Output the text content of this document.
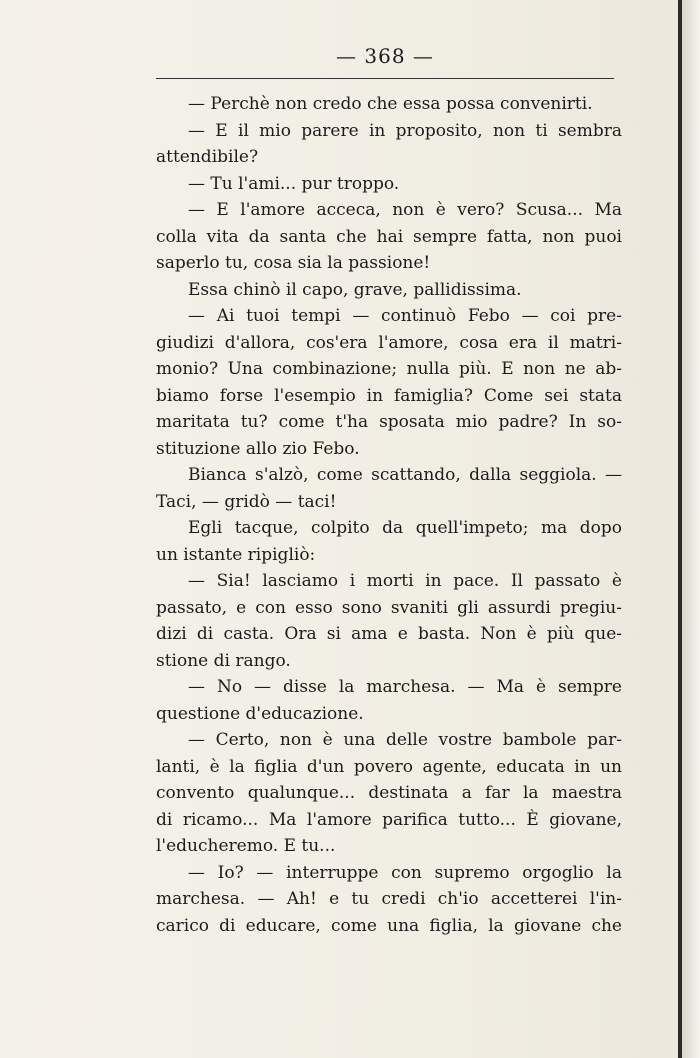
— 368 —
— Perchè non credo che essa possa convenirti.
— E il mio parere in proposito, non ti sembra
attendibile?
— Tu l'ami... pur troppo.
— E l'amore acceca, non è vero? Scusa... Ma
colla vita da santa che hai sempre fatta, non puoi
saperlo tu, cosa sia la passione!
Essa chinò il capo, grave, pallidissima.
— Ai tuoi tempi — continuò Febo — coi pre-
giudizi d'allora, cos'era l'amore, cosa era il matri-
monio? Una combinazione; nulla più. E non ne ab-
biamo forse l'esempio in famiglia? Come sei stata
maritata tu? come t'ha sposata mio padre? In so-
stituzione allo zio Febo.
Bianca s'alzò, come scattando, dalla seggiola. —
Taci, — gridò — taci!
Egli tacque, colpito da quell'impeto; ma dopo
un istante ripigliò:
— Sia! lasciamo i morti in pace. Il passato è
passato, e con esso sono svaniti gli assurdi pregiu-
dizi di casta. Ora si ama e basta. Non è più que-
stione di rango.
— No — disse la marchesa. — Ma è sempre
questione d'educazione.
— Certo, non è una delle vostre bambole par-
lanti, è la figlia d'un povero agente, educata in un
convento qualunque... destinata a far la maestra
di ricamo... Ma l'amore parifica tutto... È giovane,
l'educheremo. E tu...
— Io? — interruppe con supremo orgoglio la
marchesa. — Ah! e tu credi ch'io accetterei l'in-
carico di educare, come una figlia, la giovane che
